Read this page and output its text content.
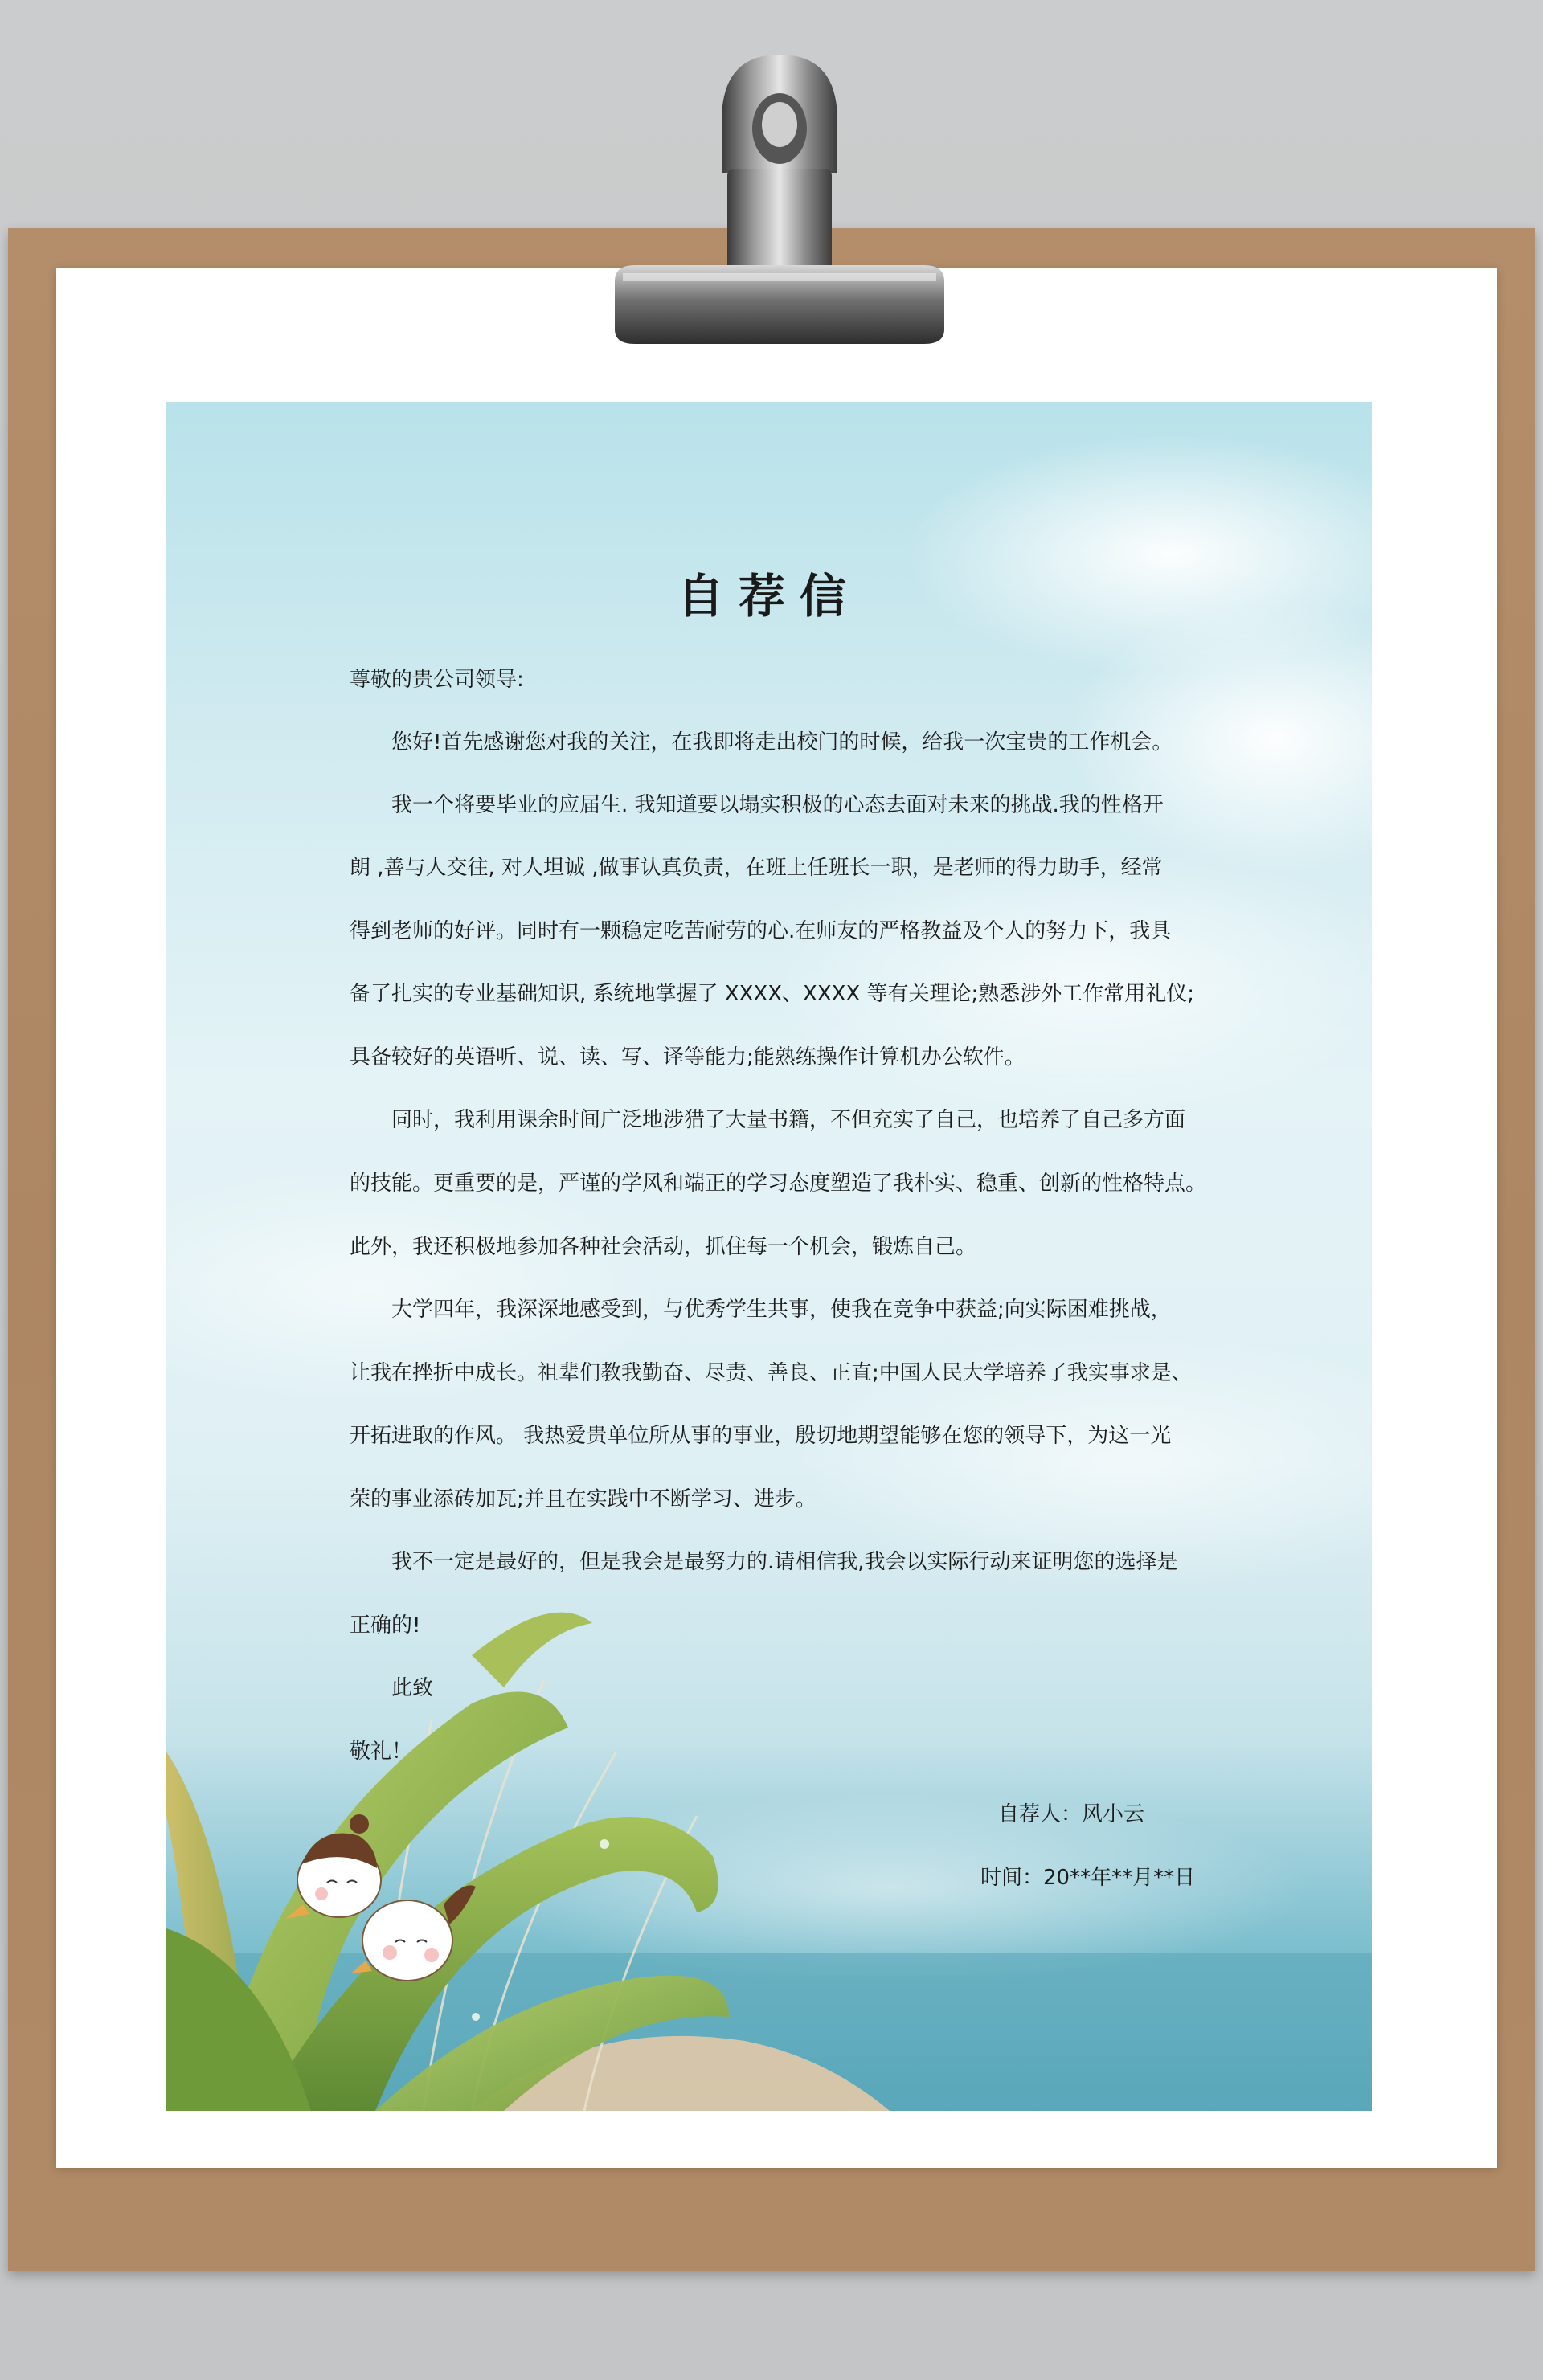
自荐信
尊敬的贵公司领导:
您好!首先感谢您对我的关注，在我即将走出校门的时候，给我一次宝贵的工作机会。
我一个将要毕业的应届生. 我知道要以塌实积极的心态去面对未来的挑战.我的性格开
朗 ,善与人交往, 对人坦诚 ,做事认真负责，在班上任班长一职，是老师的得力助手，经常
得到老师的好评。同时有一颗稳定吃苦耐劳的心.在师友的严格教益及个人的努力下，我具
备了扎实的专业基础知识, 系统地掌握了 XXXX、XXXX 等有关理论;熟悉涉外工作常用礼仪;
具备较好的英语听、说、读、写、译等能力;能熟练操作计算机办公软件。
同时，我利用课余时间广泛地涉猎了大量书籍，不但充实了自己，也培养了自己多方面
的技能。更重要的是，严谨的学风和端正的学习态度塑造了我朴实、稳重、创新的性格特点。
此外，我还积极地参加各种社会活动，抓住每一个机会，锻炼自己。
大学四年，我深深地感受到，与优秀学生共事，使我在竞争中获益;向实际困难挑战，
让我在挫折中成长。祖辈们教我勤奋、尽责、善良、正直;中国人民大学培养了我实事求是、
开拓进取的作风。 我热爱贵单位所从事的事业，殷切地期望能够在您的领导下，为这一光
荣的事业添砖加瓦;并且在实践中不断学习、进步。
我不一定是最好的，但是我会是最努力的.请相信我,我会以实际行动来证明您的选择是
正确的!
此致
敬礼！
自荐人：风小云
时间：20**年**月**日
